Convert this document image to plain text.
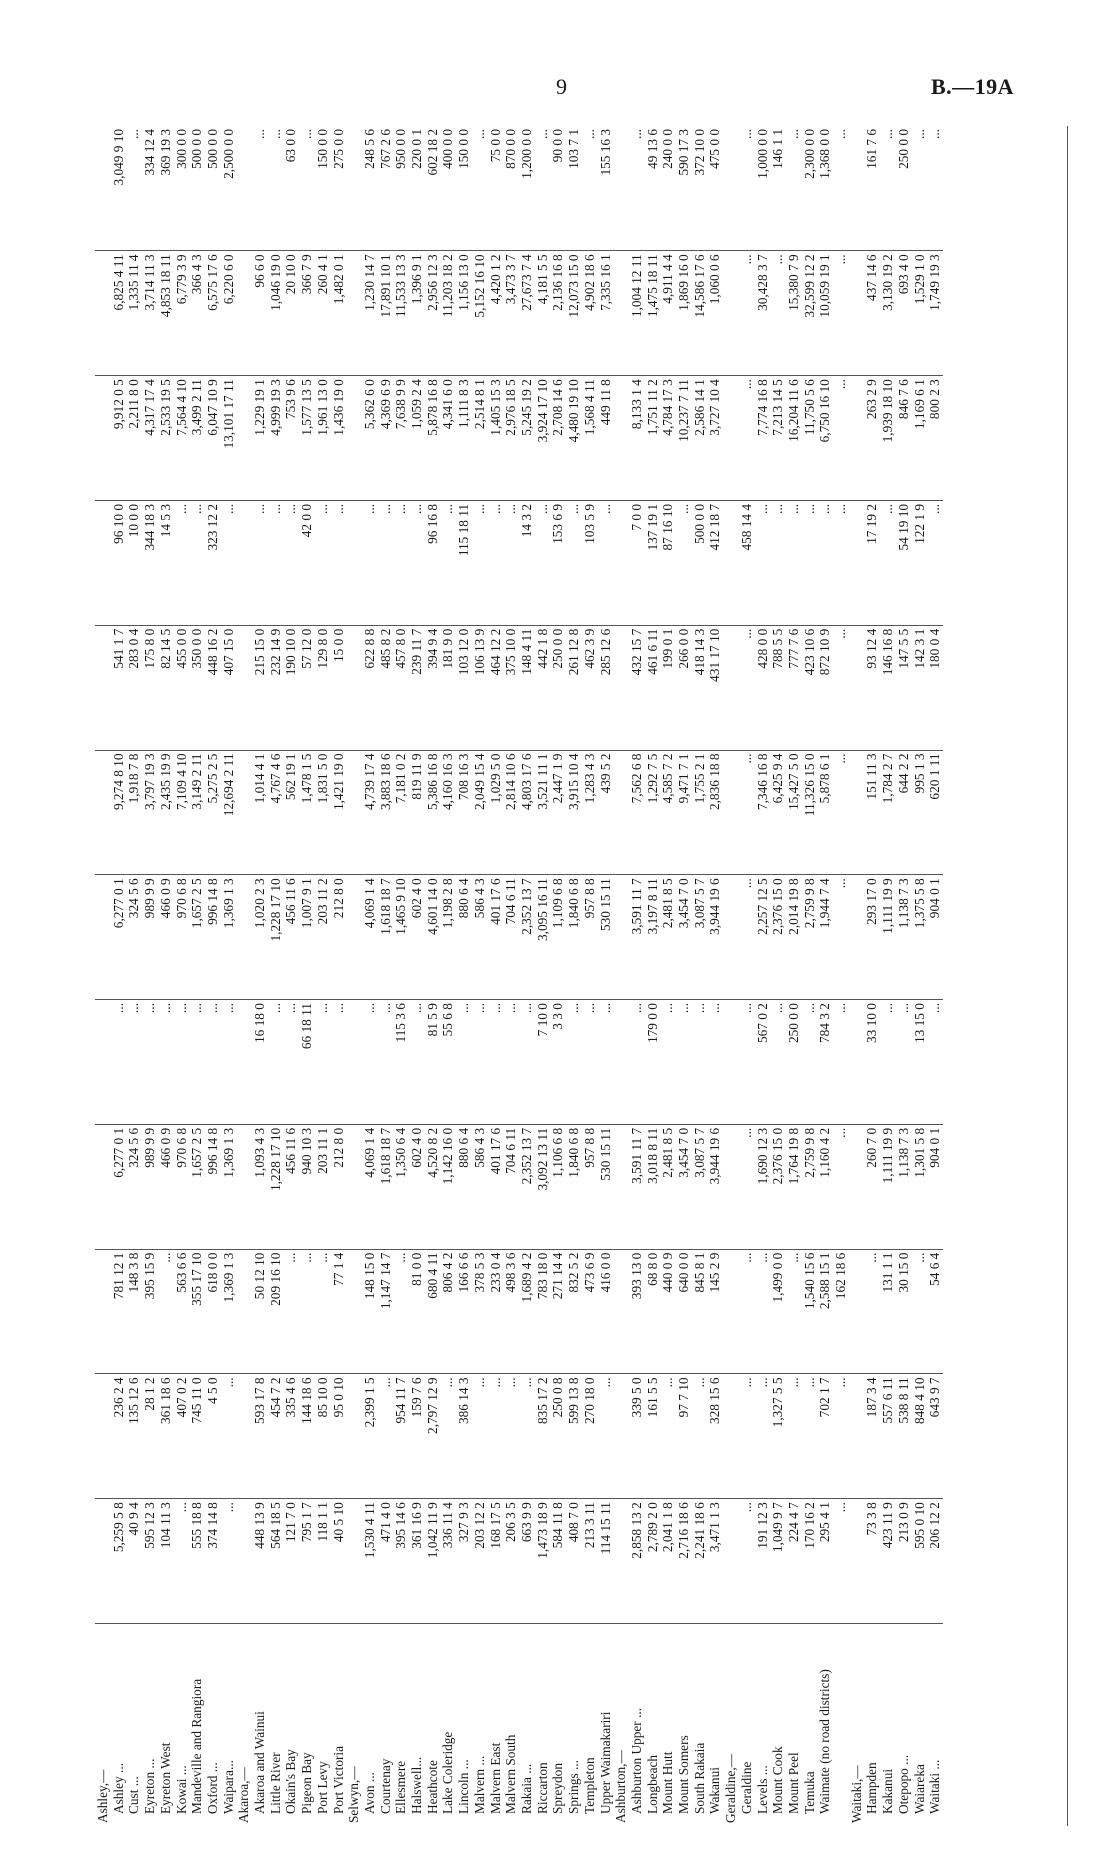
9	B.—19A
Ashley,—												
Ashley ...	5,259 5 8	236 2 4	781 12 1	6,277 0 1	...	6,277 0 1	9,274 8 10	541 1 7	96 10 0	9,912 0 5	6,825 4 11	3,049 9 10
Cust ...	40 9 4	135 12 6	148 3 8	324 5 6	...	324 5 6	1,918 7 8	283 0 4	10 0 0	2,211 8 0	1,335 11 4	...
Eyreton ...	595 12 3	28 1 2	395 15 9	989 9 9	...	989 9 9	3,797 19 3	175 8 0	344 18 3	4,317 17 4	3,714 11 3	334 12 4
Eyreton West	104 11 3	361 18 6	...	466 0 9	...	466 0 9	2,435 19 9	82 14 5	14 5 3	2,533 19 5	4,853 18 11	369 19 3
Kowai ...	...	407 0 2	563 6 6	970 6 8	...	970 6 8	7,109 4 10	455 0 0	...	7,564 4 10	6,779 3 9	300 0 0
Mandeville and Rangiora	555 18 8	745 11 0	355 17 10	1,657 2 5	...	1,657 2 5	3,149 2 11	350 0 0	...	3,499 2 11	366 4 3	500 0 0
Oxford ...	374 14 8	4 5 0	618 0 0	996 14 8	...	996 14 8	5,275 2 5	448 16 2	323 12 2	6,047 10 9	6,575 17 6	500 0 0
Waipara...	...	...	1,369 1 3	1,369 1 3	...	1,369 1 3	12,694 2 11	407 15 0	...	13,101 17 11	6,220 6 0	2,500 0 0
Akaroa,—												
Akaroa and Wainui	448 13 9	593 17 8	50 12 10	1,093 4 3	16 18 0	1,020 2 3	1,014 4 1	215 15 0	...	1,229 19 1	96 6 0	...
Little River	564 18 5	454 7 2	209 16 10	1,228 17 10	...	1,228 17 10	4,767 4 6	232 14 9	...	4,999 19 3	1,046 19 0	...
Okain's Bay	121 7 0	335 4 6	...	456 11 6	...	456 11 6	562 19 1	190 10 0	...	753 9 6	20 10 0	63 0 0
Pigeon Bay	795 1 7	144 18 6	...	940 10 3	66 18 11	1,007 9 1	1,478 1 5	57 12 0	42 0 0	1,577 13 5	366 7 9	...
Port Levy	118 1 1	85 10 0	...	203 11 1	...	203 11 2	1,831 5 0	129 8 0	...	1,961 13 0	260 4 1	150 0 0
Port Victoria	40 5 10	95 0 10	77 1 4	212 8 0	...	212 8 0	1,421 19 0	15 0 0	...	1,436 19 0	1,482 0 1	275 0 0
Selwyn,—												
Avon ...	1,530 4 11	2,399 1 5	148 15 0	4,069 1 4	...	4,069 1 4	4,739 17 4	622 8 8	...	5,362 6 0	1,230 14 7	248 5 6
Courtenay	471 4 0	...	1,147 14 7	1,618 18 7	...	1,618 18 7	3,883 18 6	485 8 2	...	4,369 6 9	17,891 10 1	767 2 6
Ellesmere	395 14 6	954 11 7	...	1,350 6 4	115 3 6	1,465 9 10	7,181 0 2	457 8 0	...	7,638 9 9	11,533 13 3	950 0 0
Halswell...	361 16 9	159 7 6	81 0 0	602 4 0	...	602 4 0	819 11 9	239 11 7	...	1,059 2 4	1,396 9 1	220 0 1
Heathcote	1,042 11 9	2,797 12 9	680 4 11	4,520 8 2	81 5 9	4,601 14 0	5,386 16 8	394 9 4	96 16 8	5,878 16 8	2,956 12 3	602 18 2
Lake Coleridge	336 11 4	...	806 4 2	1,142 16 0	55 6 8	1,198 2 8	4,160 16 3	181 9 0	...	4,341 6 0	11,203 18 2	400 0 0
Lincoln ...	327 9 3	386 14 3	166 6 6	880 6 4	...	880 6 4	708 16 3	103 12 0	115 18 11	1,111 8 3	1,156 13 0	150 0 0
Malvern ...	203 12 2	...	378 5 3	586 4 3	...	586 4 3	2,049 15 4	106 13 9	...	2,514 8 1	5,152 16 10	...
Malvern East	168 17 5	...	233 0 4	401 17 6	...	401 17 6	1,029 5 0	464 12 2	...	1,405 15 3	4,420 1 2	75 0 0
Malvern South	206 3 5	...	498 3 6	704 6 11	...	704 6 11	2,814 10 6	375 10 0	...	2,976 18 5	3,473 3 7	870 0 0
Rakaia ...	663 9 9	...	1,689 4 2	2,352 13 7	...	2,352 13 7	4,803 17 6	148 4 11	14 3 2	5,245 19 2	27,673 7 4	1,200 0 0
Riccarton	1,473 18 9	835 17 2	783 18 0	3,092 13 11	7 10 0	3,095 16 11	3,521 11 1	442 1 8	...	3,924 17 10	4,181 5 5	...
Spreydon	584 11 8	250 0 8	271 14 4	1,106 6 8	3 3 0	1,109 6 8	2,447 1 9	250 0 0	153 6 9	2,708 14 6	2,136 16 8	90 0 0
Springs ...	408 7 0	599 13 8	832 5 2	1,840 6 8	...	1,840 6 8	3,915 10 4	261 12 8	...	4,480 19 10	12,073 15 0	103 7 1
Templeton	213 3 11	270 18 0	473 6 9	957 8 8	...	957 8 8	1,283 4 3	462 3 9	103 5 9	1,568 4 11	4,902 18 6	...
Upper Waimakariri	114 15 11	...	416 0 0	530 15 11	...	530 15 11	439 5 2	285 12 6	...	449 11 8	7,335 16 1	155 16 3
Ashburton,—												
Ashburton Upper ...	2,858 13 2	339 5 0	393 13 0	3,591 11 7	...	3,591 11 7	7,562 6 8	432 15 7	7 0 0	8,133 1 4	1,004 12 11	...
Longbeach	2,789 2 0	161 5 5	68 8 0	3,018 8 11	179 0 0	3,197 8 11	1,292 7 5	461 6 11	137 19 1	1,751 11 2	1,475 18 11	49 13 6
Mount Hutt	2,041 1 8	...	440 0 9	2,481 8 5	...	2,481 8 5	4,585 7 2	199 0 1	87 16 10	4,784 17 3	4,911 4 4	240 0 0
Mount Somers	2,716 18 6	97 7 10	640 0 0	3,454 7 0	...	3,454 7 0	9,471 7 1	266 0 0	...	10,237 7 11	1,869 16 0	590 17 3
South Rakaia	2,241 18 6	...	845 8 1	3,087 5 7	...	3,087 5 7	1,755 2 1	418 14 3	500 0 0	2,586 14 1	14,586 17 6	372 10 0
Wakanui	3,471 1 3	328 15 6	145 2 9	3,944 19 6	...	3,944 19 6	2,836 18 8	431 17 10	412 18 7	3,727 10 4	1,060 0 6	475 0 0
Geraldine,—												
Geraldine	...	...	...	...	...	...	...	...	458 14 4	...	...	...
Levels ...	191 12 3	...	...	1,690 12 3	567 0 2	2,257 12 5	7,346 16 8	428 0 0	...	7,774 16 8	30,428 3 7	1,000 0 0
Mount Cook	1,049 9 7	1,327 5 5	1,499 0 0	2,376 15 0	...	2,376 15 0	6,425 9 4	788 5 5	...	7,213 14 5	...	146 1 1
Mount Peel	224 4 7	...	...	1,764 19 8	250 0 0	2,014 19 8	15,427 5 0	777 7 6	...	16,204 11 6	15,380 7 9	...
Temuka	170 16 2	...	1,540 15 6	2,759 9 8	...	2,759 9 8	11,326 15 0	423 10 6	...	11,750 5 6	32,599 12 2	2,300 0 0
Waimate (no road districts)	295 4 1	702 1 7	2,588 15 1	1,160 4 2	784 3 2	1,944 7 4	5,878 6 1	872 10 9	...	6,750 16 10	10,059 19 1	1,368 0 0
	...	...	162 18 6	...	...	...	...	...	...	...	...	...
Waitaki,—												
Hampden	73 3 8	187 3 4	...	260 7 0	33 10 0	293 17 0	151 11 3	93 12 4	17 19 2	263 2 9	437 14 6	161 7 6
Kakanui	423 11 9	557 6 11	131 1 1	1,111 19 9	...	1,111 19 9	1,784 2 7	146 16 8	...	1,939 18 10	3,130 19 2	...
Otepopo ...	213 0 9	538 8 11	30 15 0	1,138 7 3	...	1,138 7 3	644 2 2	147 5 5	54 19 10	846 7 6	693 4 0	250 0 0
Waiareka	595 0 10	848 4 10	...	1,301 5 8	13 15 0	1,375 5 8	995 1 3	142 3 1	122 1 9	1,169 6 1	1,529 1 0	...
Waitaki ...	206 12 2	643 9 7	54 6 4	904 0 1	...	904 0 1	620 1 11	180 0 4	...	800 2 3	1,749 19 3	...
